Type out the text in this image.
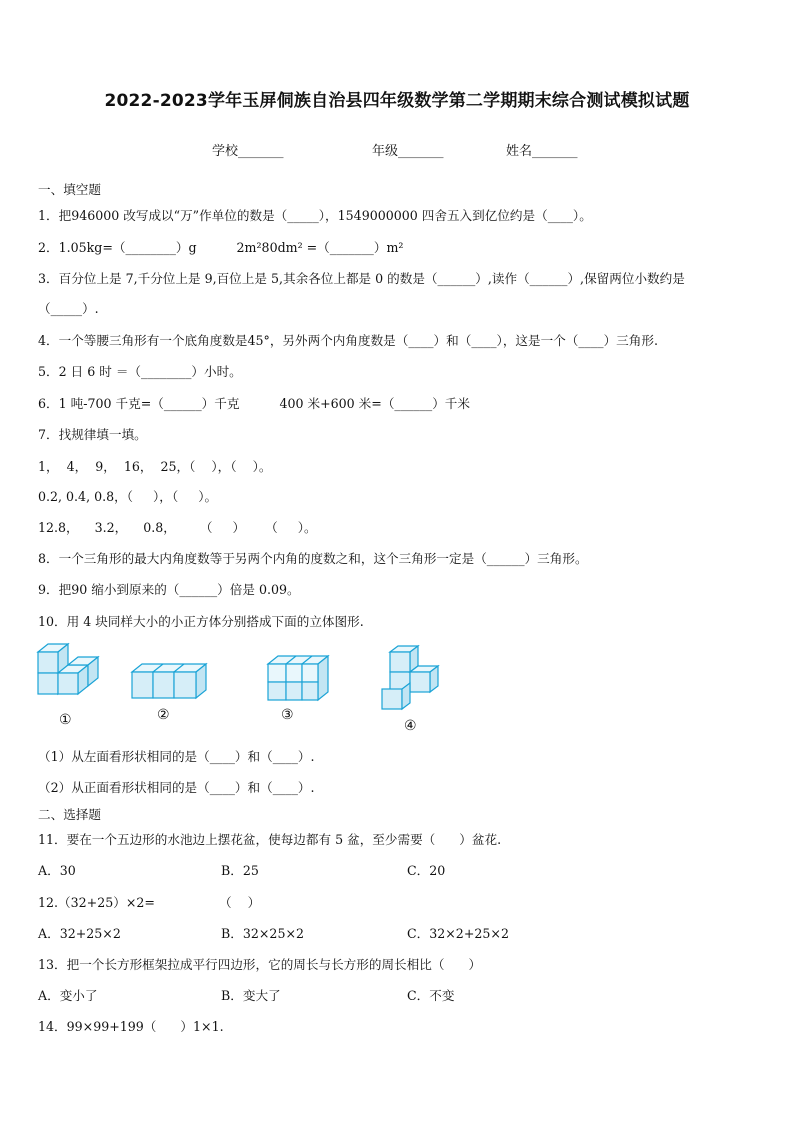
2022-2023学年玉屏侗族自治县四年级数学第二学期期末综合测试模拟试题
学校_______	年级_______	姓名_______
一、填空题
1．把946000 改写成以“万”作单位的数是（_____），1549000000 四舍五入到亿位约是（____）。
2．1.05kg=（________）g          2m²80dm² =（_______）m²
3．百分位上是 7,千分位上是 9,百位上是 5,其余各位上都是 0 的数是（______）,读作（______）,保留两位小数约是
（_____）.
4．一个等腰三角形有一个底角度数是45°，另外两个内角度数是（____）和（____），这是一个（____）三角形.
5．2 日 6 时 ＝（________）小时。
6．1 吨-700 千克=（______）千克          400 米+600 米=（______）千米
7．找规律填一填。
1，  4，  9，  16，  25，（    ），（    ）。
0.2, 0.4, 0.8，（     ），（     ）。
12.8，    3.2，    0.8，      （     ）     （     ）。
8．一个三角形的最大内角度数等于另两个内角的度数之和，这个三角形一定是（______）三角形。
9．把90 缩小到原来的（______）倍是 0.09。
10．用 4 块同样大小的小正方体分别搭成下面的立体图形.
①	②	③
④
（1）从左面看形状相同的是（____）和（____）.
（2）从正面看形状相同的是（____）和（____）.
二、选择题
11．要在一个五边形的水池边上摆花盆，使每边都有 5 盆，至少需要（      ）盆花.
A．30	B．25	C．20
12.（32+25）×2=                （    ）
A．32+25×2	B．32×25×2	C．32×2+25×2
13．把一个长方形框架拉成平行四边形，它的周长与长方形的周长相比（      ）
A．变小了	B．变大了	C．不变
14．99×99+199（      ）1×1.
